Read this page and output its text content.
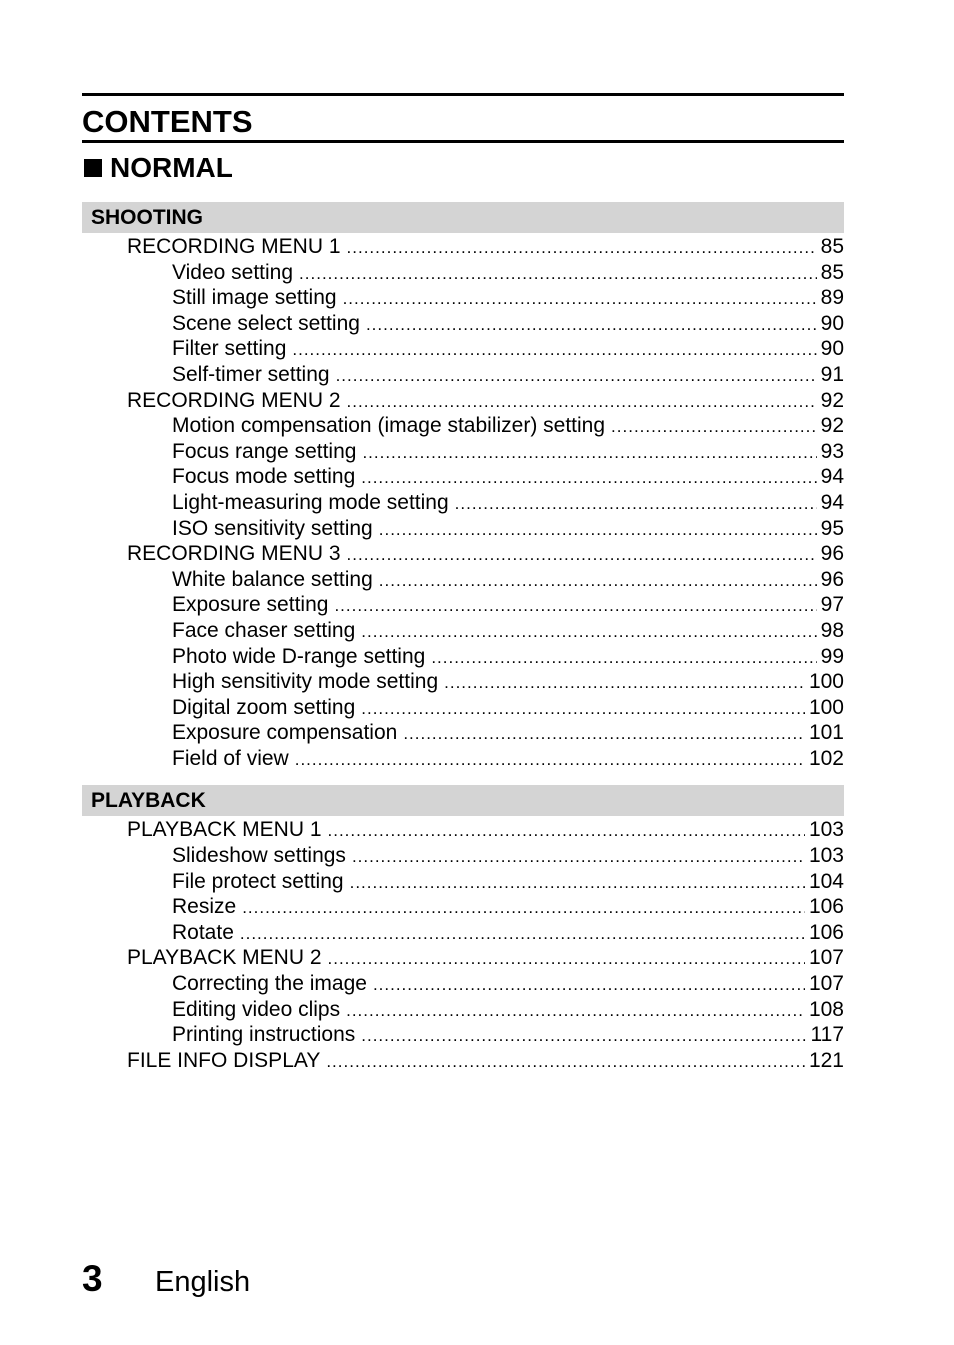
CONTENTS
NORMAL
SHOOTING
RECORDING MENU 1 .....	85
Video setting .....	85
Still image setting .....	89
Scene select setting .....	90
Filter setting .....	90
Self-timer setting .....	91
RECORDING MENU 2 .....	92
Motion compensation (image stabilizer) setting .....	92
Focus range setting .....	93
Focus mode setting .....	94
Light-measuring mode setting .....	94
ISO sensitivity setting .....	95
RECORDING MENU 3 .....	96
White balance setting .....	96
Exposure setting .....	97
Face chaser setting .....	98
Photo wide D-range setting .....	99
High sensitivity mode setting .....	100
Digital zoom setting .....	100
Exposure compensation .....	101
Field of view .....	102
PLAYBACK
PLAYBACK MENU 1 .....	103
Slideshow settings .....	103
File protect setting .....	104
Resize .....	106
Rotate .....	106
PLAYBACK MENU 2 .....	107
Correcting the image .....	107
Editing video clips .....	108
Printing instructions .....	117
FILE INFO DISPLAY .....	121
3	English
